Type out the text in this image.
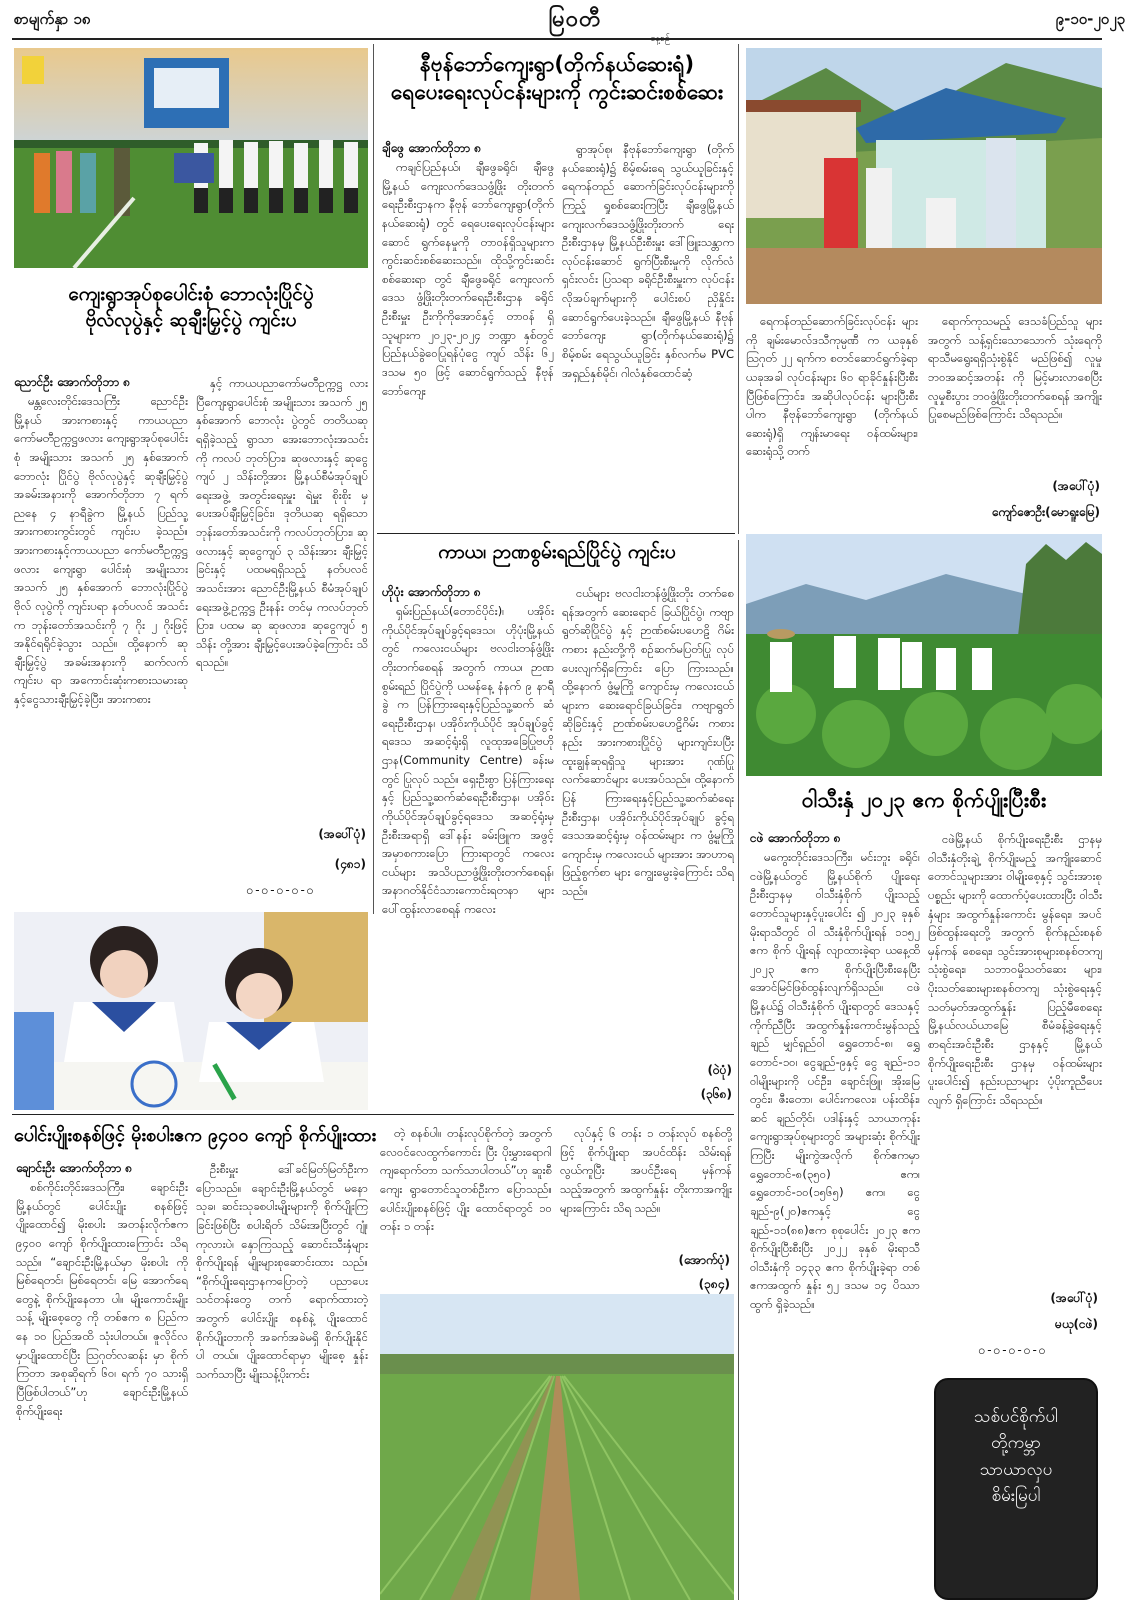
စာမျက်နှာ ၁၈	မြဝတီ	၉-၁၀-၂၀၂၃
ကျေးရွာအုပ်စုပေါင်းစုံ ဘောလုံးပြိုင်ပွဲ
ဗိုလ်လုပွဲနှင့် ဆုချီးမြှင့်ပွဲ ကျင်းပ
ညောင်ဦး အောက်တိုဘာ ၈

မန္တလေးတိုင်းဒေသကြီး ညောင်ဦးမြို့နယ် အားကစားနှင့် ကာယပညာကော်မတီဥက္ကဋ္ဌဖလား ကျေးရွာအုပ်စုပေါင်းစုံ အမျိုးသား အသက် ၂၅ နှစ်အောက် ဘောလုံး ပြိုင်ပွဲ ဗိုလ်လုပွဲနှင့် ဆုချီးမြှင့်ပွဲ အခမ်းအနားကို အောက်တိုဘာ ၇ ရက် ညနေ ၄ နာရီခွဲက မြို့နယ် ပြည်သူ့အားကစားကွင်းတွင် ကျင်းပ ခဲ့သည်။ အားကစားနှင့်ကာယပညာ ကော်မတီဥက္ကဋ္ဌဖလား ကျေးရွာ ပေါင်းစုံ အမျိုးသား အသက် ၂၅ နှစ်အောက် ဘောလုံးပြိုင်ပွဲ ဗိုလ် လုပွဲကို ကျင်းပရာ နတ်ပလင် အသင်းက ဘုန်းတော်အသင်းကို ၇ ဂိုး ၂ ဂိုးဖြင့် အနိုင်ရရိုင်ခဲ့သွား သည်။ ထို့နောက် ဆုချီးမြှင့်ပွဲ အခမ်းအနားကို ဆက်လက်ကျင်းပ ရာ အကောင်းဆုံးကစားသမားဆု နှင့်ငွေသားချီးမြှင့်ခဲ့ပြီး၊ အားကစား

နှင့် ကာယပညာကော်မတီဥက္ကဋ္ဌ လားပြီကျေးရွာပေါင်းစုံ အမျိုးသား အသက် ၂၅ နှစ်အောက် ဘောလုံး ပွဲတွင် တတိယဆုရရှိခဲ့သည့် ရွာသာ အေးဘောလုံးအသင်းကို ကလပ် ဘုတ်ပြား၊ ဆုဖလားနှင့် ဆုငွေကျပ် ၂ သိန်းတို့အား မြို့နယ်စီမံအုပ်ချုပ် ရေးအဖွဲ့ အတွင်းရေးမှူး ရဲမှူး စိုးစိုး မှပေးအပ်ချီးမြှင့်ခြင်း၊ ဒုတိယဆု ရရှိသော ဘုန်းတော်အသင်းကို ကလပ်ဘုတ်ပြား၊ ဆုဖလားနှင့် ဆုငွေကျပ် ၃ သိန်းအား ချီးမြှင့် ခြင်းနှင့် ပထမရရှိသည့် နတ်ပလင် အသင်းအား ညောင်ဦးမြို့နယ် စီမံအုပ်ချုပ်ရေးအဖွဲ့ဥက္ကဋ္ဌ ဦးနန်း တင်မှ ကလပ်ဘုတ်ပြား၊ ပထမ ဆု ဆုဖလား၊ ဆုငွေကျပ် ၅ သိန်း တို့အား ချီးမြှင့်ပေးအပ်ခဲ့ကြောင်း သိရသည်။

(အပေါ်ပုံ)
(၄၈၁)
၀-၀-၀-၀-၀
နီဗုန်ဘော်ကျေးရွာ(တိုက်နယ်ဆေးရုံ)
ရေပေးရေးလုပ်ငန်းများကို ကွင်းဆင်းစစ်ဆေး
ချီဖွေ အောက်တိုဘာ ၈

ကချင်ပြည်နယ်၊ ချီဖွေခရိုင်၊ ချီဖွေမြို့နယ် ကျေးလက်ဒေသဖွံ့ဖြိုး တိုးတက်ရေးဦးစီးဌာနက နီဗုန် ဘော်ကျေးရွာ(တိုက်နယ်ဆေးရုံ) တွင် ရေပေးရေးလုပ်ငန်းများဆောင် ရွက်နေမှုကို တာဝန်ရှိသူများက ကွင်းဆင်းစစ်ဆေးသည်။ ထိုသို့ကွင်းဆင်းစစ်ဆေးရာ တွင် ချီဖွေခရိုင် ကျေးလက်ဒေသ ဖွံ့ဖြိုးတိုးတက်ရေးဦးစီးဌာန ခရိုင် ဦးစီးမှူး ဦးကိုကိုအောင်နှင့် တာဝန် ရှိသူများက ၂၀၂၃-၂၀၂၄ ဘဏ္ဍာ နှစ်တွင် ပြည်နယ်ခွဲဝေပြုရန်ပုံငွေ ကျပ် သိန်း ၆၂ ဒသမ ၅၀ ဖြင့် ဆောင်ရွက်သည့် နီဗုန်ဘော်ကျေး

ရွာအုပ်စု၊ နီဗုန်ဘော်ကျေးရွာ (တိုက်နယ်ဆေးရုံ)၌ စိမ့်စမ်းရေ သွယ်ယူခြင်းနှင့် ရေကန်တည် ဆောက်ခြင်းလုပ်ငန်းများကို ကြည့် ရှုစစ်ဆေးကြပြီး ချီဖွေမြို့နယ် ကျေးလက်ဒေသဖွံ့ဖြိုးတိုးတက် ရေးဦးစီးဌာနမှ မြို့နယ်ဦးစီးမှူး ဒေါ်ဖြူးသန္တာက လုပ်ငန်းဆောင် ရွက်ပြီးစီးမှုကို လိုက်လံရှင်းလင်း ပြသရာ ခရိုင်ဦးစီးမှူးက လုပ်ငန်း လိုအပ်ချက်များကို ပေါင်းစပ် ညှိနှိုင်းဆောင်ရွက်ပေးခဲ့သည်။ ချီဖွေမြို့နယ် နီဗုန်ဘော်ကျေး ရွာ(တိုက်နယ်ဆေးရုံ)၌ စိမ့်စမ်း ရေသွယ်ယူခြင်း နှစ်လက်မ PVC အရှည်နှစ်မိုင်၊ ဂါလံနှစ်ထောင်ဆံ့

ရေကန်တည်ဆောက်ခြင်းလုပ်ငန်း များကို ချမ်းမောလ်ဒသီကုမ္ပဏီ က ယခုနှစ် ဩဂုတ် ၂၂ ရက်က စတင်ဆောင်ရွက်ခဲ့ရာ ယခုအခါ လုပ်ငန်းများ ၆၀ ရာခိုင်နှုန်းပြီးစီး ပြီဖြစ်ကြောင်း၊ အဆိုပါလုပ်ငန်း များပြီးစီးပါက နီဗုန်ဘော်ကျေးရွာ (တိုက်နယ်ဆေးရုံ)ရှိ ကျန်းမာရေး ဝန်ထမ်းများ၊ ဆေးရုံသို့ တက်

ရောက်ကုသမည့် ဒေသခံပြည်သူ များအတွက် သန့်ရှင်းသောသောက် သုံးရေကို ရာသီမရွေးရရှိသုံးစွဲနိုင် မည်ဖြစ်၍ လူမှုဘဝအဆင့်အတန်း ကို မြင့်မားလာစေပြီး လူမှုစီးပွား ဘဝဖွံ့ဖြိုးတိုးတက်စေရန် အကျိုး ပြုစေမည်ဖြစ်ကြောင်း သိရသည်။

(အပေါ်ပုံ)
ကျော်ဇောဦး(မောရူးမြေ)
ကာယ၊ ဉာဏစွမ်းရည်ပြိုင်ပွဲ ကျင်းပ
ဟိုပုံး အောက်တိုဘာ ၈

ရှမ်းပြည်နယ်(တောင်ပိုင်း)၊ ပအိုဝ်းကိုယ်ပိုင်အုပ်ချုပ်ခွင့်ရဒေသ၊ ဟိုပုံးမြို့နယ်တွင် ကလေးငယ်များ ဗလငါးတန်ဖွံ့ဖြိုးတိုးတက်စေရန် အတွက် ကာယ၊ ဉာဏစွမ်းရည် ပြိုင်ပွဲကို ယမန်နေ့ နံနက် ၉ နာရီခွဲ က ပြန်ကြားရေးနှင့်ပြည်သူ့ဆက် ဆံရေးဦးစီးဌာန၊ ပအိုဝ်းကိုယ်ပိုင် အုပ်ချုပ်ခွင့်ရဒေသ အဆင့်ရုံးရှိ လူထုအခြေပြုဗဟိုဌာန(Community Centre) ခန်းမတွင် ပြုလုပ် သည်။ ရှေးဦးစွာ ပြန်ကြားရေးနှင့် ပြည်သူ့ဆက်ဆံရေးဦးစီးဌာန၊ ပအိုဝ်းကိုယ်ပိုင်အုပ်ချုပ်ခွင့်ရဒေသ အဆင့်ရုံးမှ ဦးစီးအရာရှိ ဒေါ်နန်း ခမ်းဖြူက အဖွင့်အမှာစကားပြော ကြားရာတွင် ကလေးငယ်များ အသိပညာဖွံ့ဖြိုးတိုးတက်စေရန်၊ အနာဂတ်နိုင်ငံသားကောင်းရတနာ များပေါ်ထွန်းလာစေရန် ကလေး

ငယ်များ ဗလငါးတန်ဖွံ့ဖြိုးတိုး တက်စေရန်အတွက် ဆေးရောင် ခြယ်ပြိုင်ပွဲ၊ ကဗျာရွတ်ဆိုပြိုင်ပွဲ နှင့် ဉာဏ်စမ်းပဟေဠိ ဂိမ်းကစား နည်းတို့ကို စဉ်ဆက်မပြတ်ပြု လုပ်ပေးလျက်ရှိကြောင်း ပြော ကြားသည်။ ထို့နောက် ဖွံ့မှုကြို ကျောင်းမှ ကလေးငယ်များက ဆေးရောင်ခြယ်ခြင်း၊ ကဗျာရွတ် ဆိုခြင်းနှင့် ဉာဏ်စမ်းပဟေဠိဂိမ်း ကစားနည်း အားကစားပြိုင်ပွဲ များကျင်းပပြီး ထူးချွန်ဆုရရှိသူ များအား ဂုဏ်ပြုလက်ဆောင်များ ပေးအပ်သည်။ ထို့နောက် ပြန် ကြားရေးနှင့်ပြည်သူ့ဆက်ဆံရေး ဦးစီးဌာန၊ ပအိုဝ်းကိုယ်ပိုင်အုပ်ချုပ် ခွင့်ရဒေသအဆင့်ရုံးမှ ဝန်ထမ်းများ က ဖွံ့မှုကြိုကျောင်းမှ ကလေးငယ် များအား အာဟာရဖြည့်စွက်စာ များ ကျွေးမွေးခဲ့ကြောင်း သိရ သည်။

(ဝဲပုံ)
(၃၆၈)
ဝါသီးနှံ ၂၀၂၃ ဧက စိုက်ပျိုးပြီးစီး
ငဖဲ အောက်တိုဘာ ၈

မကွေးတိုင်းဒေသကြီး၊ မင်းဘူး ခရိုင်၊ ငဖဲမြို့နယ်တွင် မြို့နယ်စိုက် ပျိုးရေးဦးစီးဌာနမှ ဝါသီးနှံစိုက် ပျိုးသည့် တောင်သူများနှင့်ပူးပေါင်း ၍ ၂၀၂၃ ခုနှစ် မိုးရာသီတွင် ဝါ သီးနှံစိုက်ပျိုးရန် ၁၁၅၂ ဧက စိုက် ပျိုးရန် လျာထားခဲ့ရာ ယနေ့ထိ ၂၀၂၃ ဧက စိုက်ပျိုးပြီးစီးနေပြီး အောင်မြင်ဖြစ်ထွန်းလျက်ရှိသည်။ ငဖဲမြို့နယ်၌ ဝါသီးနှံစိုက် ပျိုးရာတွင် ဒေသနှင့်ကိုက်ညီပြီး အထွက်နှုန်းကောင်းမွန်သည့် ချည် မျှင်ရှည်ဝါ ရွှေတောင်-၈၊ ရွှေ တောင်-၁၀၊ ငွေချည်-၉နှင့် ငွေ ချည်-၁၁ ဝါမျိုးများကို ပင်ဦး၊ ချောင်းဖြူ၊ အိုးမြေတွင်း၊ ဇီးတော၊ ပေါင်းကလေး၊ ပန်းထိန်း၊ ဆင် ချည်တိုင်၊ ပဒါန်းနှင့် သာယာကုန်း ကျေးရွာအုပ်စုများတွင် အများဆုံး စိုက်ပျိုးကြပြီး မျိုးကွဲအလိုက် စိုက်ဧကမှာ ရွှေတောင်-၈(၃၅၀) ဧက၊ ရွှေတောင်-၁၀(၁၅၆၅) ဧက၊ ငွေချည်-၉(၂၀)ဧကနှင့် ငွေ ချည်-၁၁(၈၈)ဧက စုစုပေါင်း ၂၀၂၃ ဧက စိုက်ပျိုးပြီးစီးပြီး ၂၀၂၂ ခုနှစ် မိုးရာသီဝါသီးနှံကို ၁၄၃၃ ဧက စိုက်ပျိုးခဲ့ရာ တစ်ဧကအထွက် နှုန်း ၅၂ ဒသမ ၁၄ ပိဿာထွက် ရှိခဲ့သည်။

ငဖဲမြို့နယ် စိုက်ပျိုးရေးဦးစီး ဌာနမှ ဝါသီးနှံတိုးချဲ့ စိုက်ပျိုးမည့် အကျိုးဆောင်တောင်သူများအား ဝါမျိုးစေ့နှင့် သွင်းအားစုပစ္စည်း များကို ထောက်ပံ့ပေးထားပြီး ဝါသီးနှံများ အထွက်နှုန်းကောင်း မွန်ရေး၊ အပင်ဖြစ်ထွန်းရေးတို့ အတွက် စိုက်နည်းစနစ် မှန်ကန် စေရေး၊ သွင်းအားစုများစနစ်တကျ သုံးစွဲရေး၊ သဘာဝမှိုသတ်ဆေး များ၊ ပိုးသတ်ဆေးများစနစ်တကျ သုံးစွဲရေးနှင့် သတ်မှတ်အထွက်နှုန်း ပြည့်မီစေရေး မြို့နယ်လယ်ယာမြေ စီမံခန့်ခွဲရေးနှင့် စာရင်းအင်းဦးစီး ဌာနနှင့် မြို့နယ်စိုက်ပျိုးရေးဦးစီး ဌာနမှ ဝန်ထမ်းများ ပူးပေါင်း၍ နည်းပညာများ ပံ့ပိုးကူညီပေးလျက် ရှိကြောင်း သိရသည်။

(အပေါ်ပုံ)
မယု(ငဖဲ)
၀-၀-၀-၀-၀
သစ်ပင်စိုက်ပါ
တို့ကမ္ဘာ
သာယာလှပ
စိမ်းမြပါ
ပေါင်းပျိုးစနစ်ဖြင့် မိုးစပါးဧက ၉၄၀၀ ကျော် စိုက်ပျိုးထား
ချောင်းဦး အောက်တိုဘာ ၈

စစ်ကိုင်းတိုင်းဒေသကြီး၊ ချောင်းဦးမြို့နယ်တွင် ပေါင်းပျိုး စနစ်ဖြင့် ပျိုးထောင်၍ မိုးစပါး အတန်းလိုက်ဧက ၉၄၀၀ ကျော် စိုက်ပျိုးထားကြောင်း သိရသည်။ “ချောင်းဦးမြို့နယ်မှာ မိုးစပါး ကို မြစ်ရေတင်၊ မြစ်ရေတင်၊ မြေ အောက်ရေတွေနဲ့ စိုက်ပျိုးနေတာ ပါ။ မျိုးကောင်းမျိုးသန့် မျိုးစေ့တွေ ကို တစ်ဧက ၈ ပြည်ကနေ ၁၀ ပြည်အထိ သုံးပါတယ်။ ဇူလိုင်လ မှာပျိုးထောင်ပြီး ဩဂုတ်လဆန်း မှာ စိုက်ကြတာ အစုဆိုရက် ၆၀၊ ရက် ၇၀ သားရှိပြီဖြစ်ပါတယ်”ဟု ချောင်းဦးမြို့နယ် စိုက်ပျိုးရေး

ဦးစီးမှူး ဒေါ်ခင်မြတ်မြတ်ဦးက ပြောသည်။ ချောင်းဦးမြို့နယ်တွင် မနော သုခ၊ ဆင်းသုခစပါးမျိုးများကို စိုက်ပျိုးကြခြင်းဖြစ်ပြီး စပါးရိတ် သိမ်းအပြီးတွင် ဂျုံ၊ ကုလားပဲ၊ နှောကြသည့် ဆောင်းသီးနှံများ စိုက်ပျိုးရန် မျိုးများစုဆောင်းထား သည်။ “စိုက်ပျိုးရေးဌာနကပြောတဲ့ ပညာပေးသင်တန်းတွေ တက် ရောက်ထားတဲ့အတွက် ပေါင်းပျိုး စနစ်နဲ့ ပျိုးထောင်စိုက်ပျိုးတာကို အခက်အခဲမရှိ စိုက်ပျိုးနိုင်ပါ တယ်။ ပျိုးထောင်ရာမှာ မျိုးစေ့ နှုန်းသက်သာပြီး မျိုးသန့်ပိုးကင်း

တဲ့ စနစ်ပါ။ တန်းလုပ်စိုက်တဲ့ အတွက် လေဝင်လေထွက်ကောင်း ပြီး ပိုးမွှားရောဂါကျရောက်တာ သက်သာပါတယ်”ဟု ဆူးစီကျေး ရွာတောင်သူတစ်ဦးက ပြောသည်။ ပေါင်းပျိုးစနစ်ဖြင့် ပျိုး ထောင်ရာတွင် ၁၀ တန်း ၁ တန်း

လုပ်နှင့် ၆ တန်း ၁ တန်းလုပ် စနစ်တို့ဖြင့် စိုက်ပျိုးရာ အပင်ထိန်း သိမ်းရန်လွယ်ကူပြီး အပင်ဦးရေ မှန်ကန်သည့်အတွက် အထွက်နှုန်း တိုးကာအကျိုးများကြောင်း သိရ သည်။

(အောက်ပုံ)
(၃၈၄)
